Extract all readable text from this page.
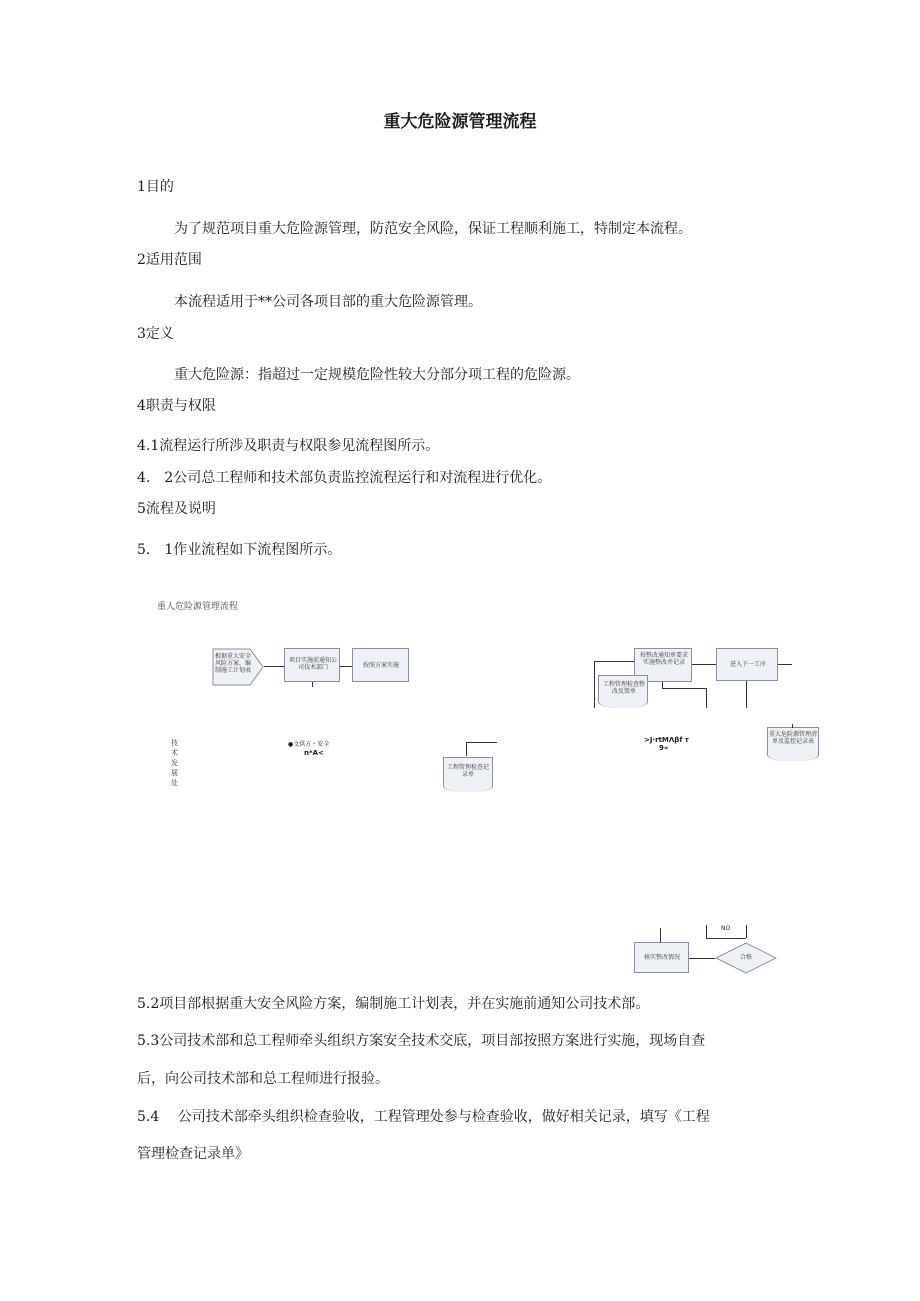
重大危险源管理流程
1目的
为了规范项目重大危险源管理，防范安全风险，保证工程顺利施工，特制定本流程。
2适用范围
本流程适用于**公司各项目部的重大危险源管理。
3定义
重大危险源：指超过一定规模危险性较大分部分项工程的危险源。
4职责与权限
4.1流程运行所涉及职责与权限参见流程图所示。
4.　2公司总工程师和技术部负责监控流程运行和对流程进行优化。
5流程及说明
5.　1作业流程如下流程图所示。
重人危险源管理流程
根据重大安全风险方案，编制施工计划表
项目实施前通知公司技术部门	按照方案实施
按整改通知单要求实施整改并记录
工程管理检查整改反馈单
进入下一工序
重大危险源管理清单及监控记录表
技术发展处
●文供方・安全
n*A<
工程管理检查记录单
>J·rtMΛβf т
9«
NO
核实整改情况	合格
5.2项目部根据重大安全风险方案，编制施工计划表，并在实施前通知公司技术部。
5.3公司技术部和总工程师牵头组织方案安全技术交底，项目部按照方案进行实施，现场自查
后，向公司技术部和总工程师进行报验。
5.4　 公司技术部牵头组织检查验收，工程管理处参与检查验收，做好相关记录，填写《工程
管理检查记录单》
